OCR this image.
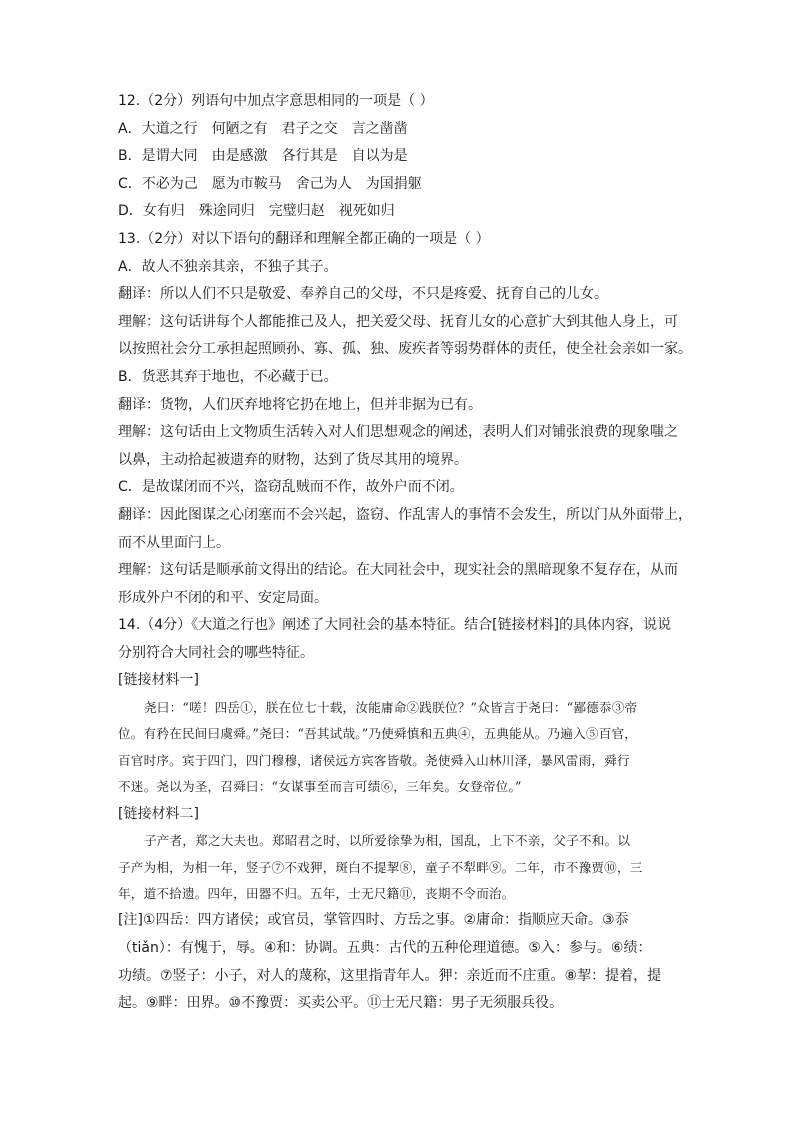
12.（2分）列语句中加点字意思相同的一项是（ ）
A．大道之行 何陋之有 君子之交 言之凿凿
B．是谓大同 由是感激 各行其是 自以为是
C．不必为己 愿为市鞍马 舍己为人 为国捐躯
D．女有归 殊途同归 完璧归赵 视死如归
13.（2分）对以下语句的翻译和理解全都正确的一项是（ ）
A．故人不独亲其亲，不独子其子。
翻译：所以人们不只是敬爱、奉养自己的父母，不只是疼爱、抚育自己的儿女。
理解：这句话讲每个人都能推己及人，把关爱父母、抚育儿女的心意扩大到其他人身上，可
以按照社会分工承担起照顾孙、寡、孤、独、废疾者等弱势群体的责任，使全社会亲如一家。
B．货恶其弃于地也，不必藏于已。
翻译：货物，人们厌弃地将它扔在地上，但并非据为已有。
理解：这句话由上文物质生活转入对人们思想观念的阐述，表明人们对铺张浪费的现象嗤之
以鼻，主动拾起被遗弃的财物，达到了货尽其用的境界。
C．是故谋闭而不兴，盗窃乱贼而不作，故外户而不闭。
翻译：因此图谋之心闭塞而不会兴起，盗窃、作乱害人的事情不会发生，所以门从外面带上，
而不从里面闩上。
理解：这句话是顺承前文得出的结论。在大同社会中，现实社会的黑暗现象不复存在，从而
形成外户不闭的和平、安定局面。
14.（4分）《大道之行也》阐述了大同社会的基本特征。结合[链接材料]的具体内容，说说
分别符合大同社会的哪些特征。
[链接材料一]
尧曰：“嗟！四岳①，朕在位七十载，汝能庸命②践朕位？”众皆言于尧曰：“鄙德忝③帝
位。有矜在民间曰虞舜。”尧曰：“吾其试哉。”乃使舜慎和五典④，五典能从。乃遍入⑤百官，
百官时序。宾于四门，四门穆穆，诸侯远方宾客皆敬。尧使舜入山林川泽，暴风雷雨，舜行
不迷。尧以为圣，召舜曰：“女谋事至而言可绩⑥，三年矣。女登帝位。”
[链接材料二]
子产者，郑之大夫也。郑昭君之时，以所爱徐挚为相，国乱，上下不亲，父子不和。以
子产为相，为相一年，竖子⑦不戏狎，斑白不提挈⑧，童子不犁畔⑨。二年，市不豫贾⑩，三
年，道不拾遗。四年，田器不归。五年，士无尺籍⑪，丧期不令而治。
[注]①四岳：四方诸侯；或官员，掌管四时、方岳之事。②庸命：指顺应天命。③忝
（tiǎn）：有愧于，辱。④和：协调。五典：古代的五种伦理道德。⑤入：参与。⑥绩：
功绩。⑦竖子：小子，对人的蔑称，这里指青年人。狎：亲近而不庄重。⑧挈：提着，提
起。⑨畔：田界。⑩不豫贾：买卖公平。⑪士无尺籍：男子无须服兵役。
